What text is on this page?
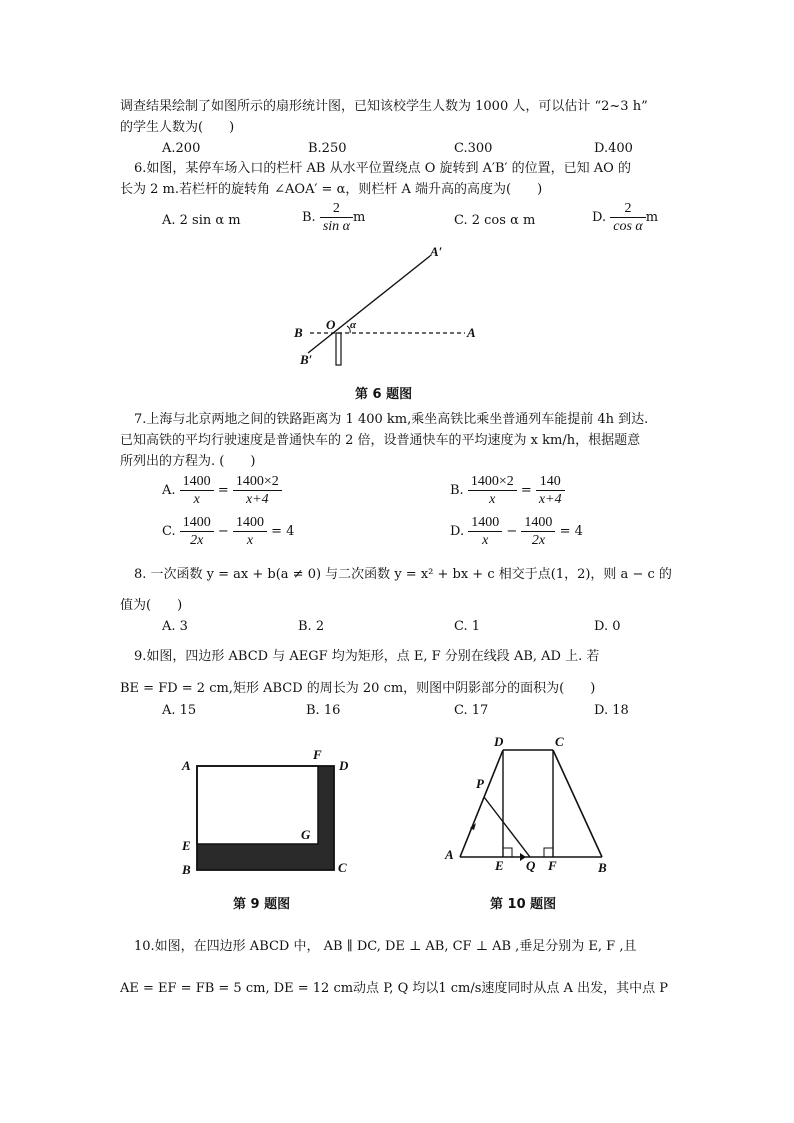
调查结果绘制了如图所示的扇形统计图，已知该校学生人数为 1000 人，可以估计 “2~3 h”
的学生人数为(　　)
A.200	B.250	C.300	D.400
6.如图，某停车场入口的栏杆 AB 从水平位置绕点 O 旋转到 A′B′ 的位置，已知 AO 的
长为 2 m.若栏杆的旋转角 ∠AOA′ = α，则栏杆 A 端升高的高度为(　　)
A. 2 sin α m	B. $\frac{2}{\text{sin α}}$ m	C. 2 cos α m	D. $\frac{2}{\text{cos α}}$ m
A′
B
O α	A
B′
第 6 题图
7.上海与北京两地之间的铁路距离为 1 400 km,乘坐高铁比乘坐普通列车能提前 4h 到达.
已知高铁的平均行驶速度是普通快车的 2 倍，设普通快车的平均速度为 x km/h，根据题意
所列出的方程为. (　　)
A. $\frac{1400}{x} = \frac{1400\times 2}{x+4}$	B. $\frac{1400\times 2}{x} = \frac{140}{x+4}$
C. $\frac{1400}{2x} - \frac{1400}{x} = 4$	D. $\frac{1400}{x} - \frac{1400}{2x} = 4$
8. 一次函数 y = ax + b(a ≠ 0) 与二次函数 y = x² + bx + c 相交于点(1，2)，则 a − c 的
值为(　　)
A. 3	B. 2	C. 1	D. 0
9.如图，四边形 ABCD 与 AEGF 均为矩形，点 E, F 分别在线段 AB, AD 上. 若
BE = FD = 2 cm,矩形 ABCD 的周长为 20 cm，则图中阴影部分的面积为(　　)
A. 15	B. 16	C. 17	D. 18
A
F
D
G
E
B	C
第 9 题图
D	C
P
A
E Q F	B
第 10 题图
10.如图，在四边形 ABCD 中， AB ∥ DC, DE ⊥ AB, CF ⊥ AB ,垂足分别为 E, F ,且
AE = EF = FB = 5 cm, DE = 12 cm动点 P, Q 均以1 cm/s速度同时从点 A 出发，其中点 P
